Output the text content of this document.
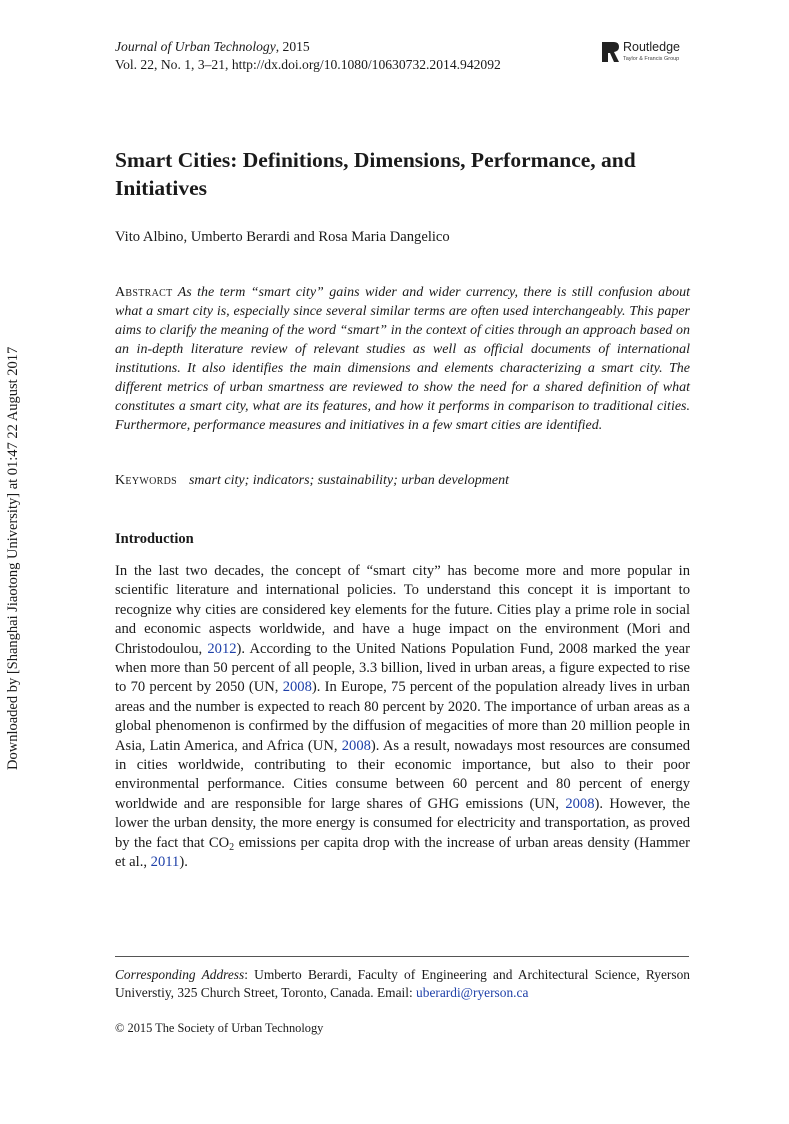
Downloaded by [Shanghai Jiaotong University] at 01:47 22 August 2017
Journal of Urban Technology, 2015
Vol. 22, No. 1, 3–21, http://dx.doi.org/10.1080/10630732.2014.942092
Routledge
Taylor & Francis Group
Smart Cities: Definitions, Dimensions, Performance, and Initiatives
Vito Albino, Umberto Berardi and Rosa Maria Dangelico
Abstract As the term “smart city” gains wider and wider currency, there is still confusion about what a smart city is, especially since several similar terms are often used interchangeably. This paper aims to clarify the meaning of the word “smart” in the context of cities through an approach based on an in-depth literature review of relevant studies as well as official documents of international institutions. It also identifies the main dimensions and elements characterizing a smart city. The different metrics of urban smartness are reviewed to show the need for a shared definition of what constitutes a smart city, what are its features, and how it performs in comparison to traditional cities. Furthermore, performance measures and initiatives in a few smart cities are identified.
Keywords smart city; indicators; sustainability; urban development
Introduction
In the last two decades, the concept of “smart city” has become more and more popular in scientific literature and international policies. To understand this concept it is important to recognize why cities are considered key elements for the future. Cities play a prime role in social and economic aspects worldwide, and have a huge impact on the environment (Mori and Christodoulou, 2012). According to the United Nations Population Fund, 2008 marked the year when more than 50 percent of all people, 3.3 billion, lived in urban areas, a figure expected to rise to 70 percent by 2050 (UN, 2008). In Europe, 75 percent of the population already lives in urban areas and the number is expected to reach 80 percent by 2020. The importance of urban areas as a global phenomenon is confirmed by the diffusion of megacities of more than 20 million people in Asia, Latin America, and Africa (UN, 2008). As a result, nowadays most resources are consumed in cities worldwide, contributing to their economic importance, but also to their poor environmental performance. Cities consume between 60 percent and 80 percent of energy worldwide and are responsible for large shares of GHG emissions (UN, 2008). However, the lower the urban density, the more energy is consumed for electricity and transportation, as proved by the fact that $CO_2$ emissions per capita drop with the increase of urban areas density (Hammer et al., 2011).
Corresponding Address: Umberto Berardi, Faculty of Engineering and Architectural Science, Ryerson Universtiy, 325 Church Street, Toronto, Canada. Email: uberardi@ryerson.ca
© 2015 The Society of Urban Technology
